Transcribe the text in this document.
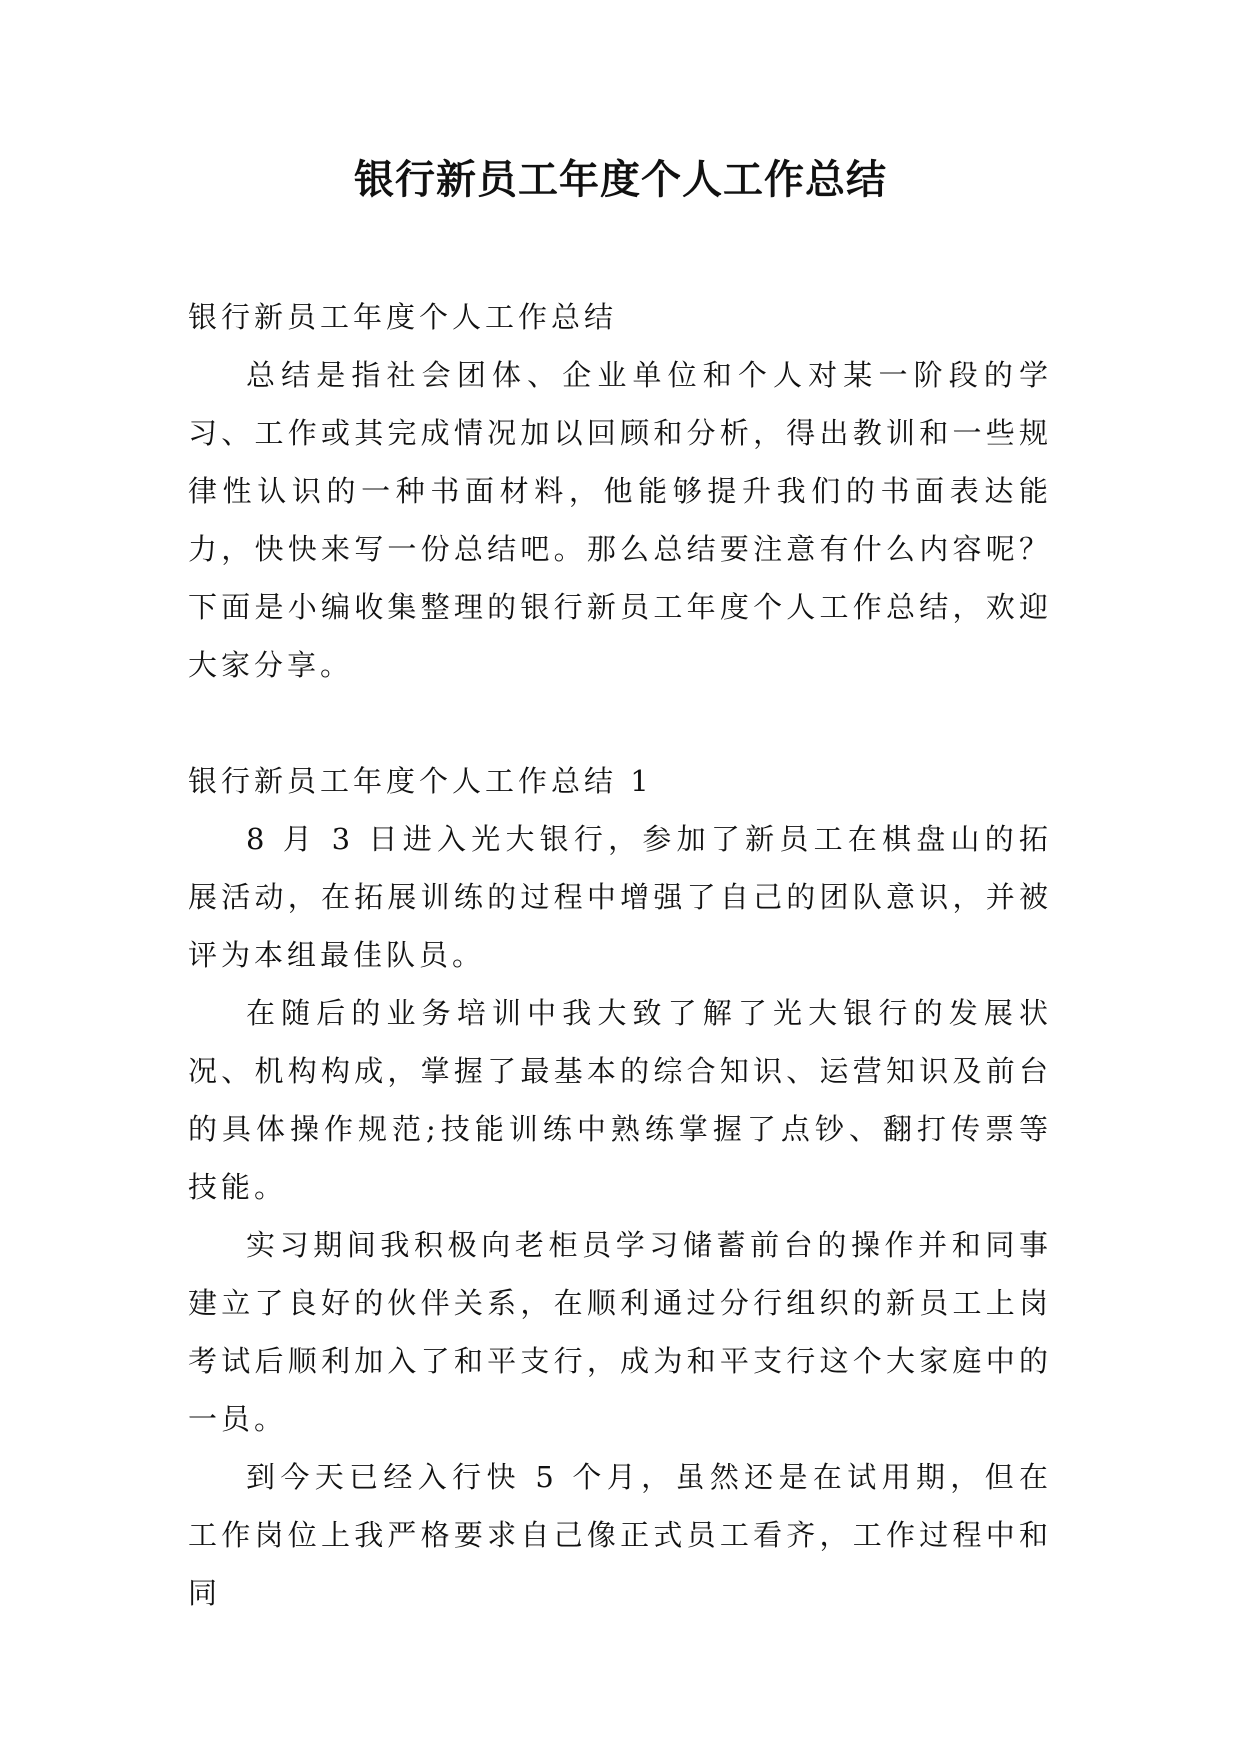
银行新员工年度个人工作总结

银行新员工年度个人工作总结

总结是指社会团体、企业单位和个人对某一阶段的学习、工作或其完成情况加以回顾和分析，得出教训和一些规律性认识的一种书面材料，他能够提升我们的书面表达能力，快快来写一份总结吧。那么总结要注意有什么内容呢？下面是小编收集整理的银行新员工年度个人工作总结，欢迎大家分享。

银行新员工年度个人工作总结 1

8 月 3 日进入光大银行，参加了新员工在棋盘山的拓展活动，在拓展训练的过程中增强了自己的团队意识，并被评为本组最佳队员。

在随后的业务培训中我大致了解了光大银行的发展状况、机构构成，掌握了最基本的综合知识、运营知识及前台的具体操作规范;技能训练中熟练掌握了点钞、翻打传票等技能。

实习期间我积极向老柜员学习储蓄前台的操作并和同事建立了良好的伙伴关系，在顺利通过分行组织的新员工上岗考试后顺利加入了和平支行，成为和平支行这个大家庭中的一员。

到今天已经入行快 5 个月，虽然还是在试用期，但在工作岗位上我严格要求自己像正式员工看齐，工作过程中和同
